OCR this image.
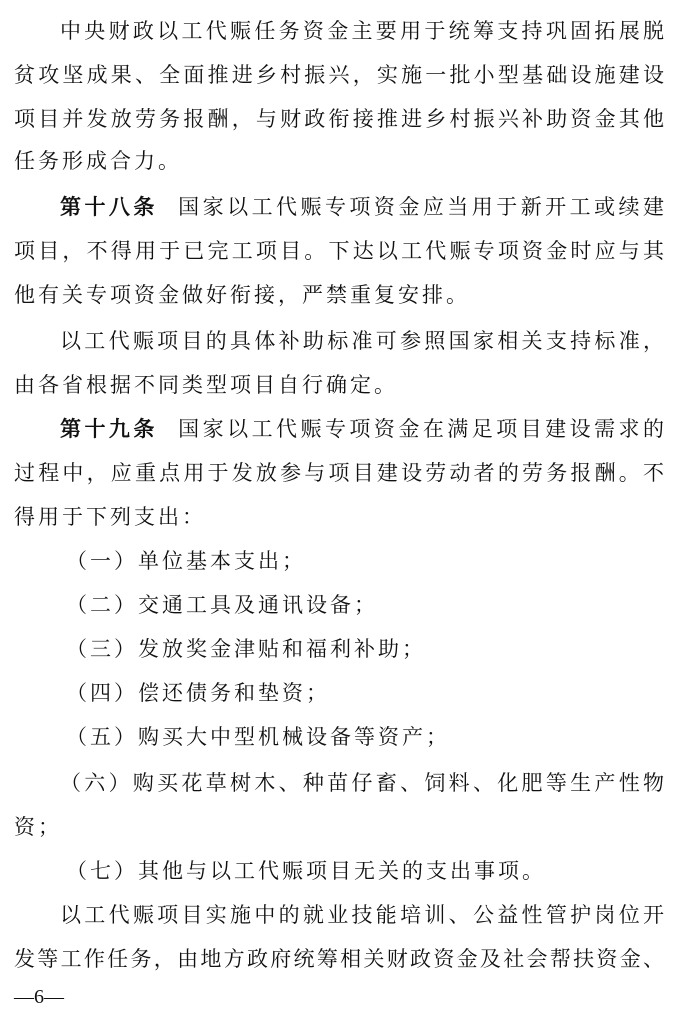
中央财政以工代赈任务资金主要用于统筹支持巩固拓展脱
贫攻坚成果、全面推进乡村振兴，实施一批小型基础设施建设
项目并发放劳务报酬，与财政衔接推进乡村振兴补助资金其他
任务形成合力。
第十八条 国家以工代赈专项资金应当用于新开工或续建
项目，不得用于已完工项目。下达以工代赈专项资金时应与其
他有关专项资金做好衔接，严禁重复安排。
以工代赈项目的具体补助标准可参照国家相关支持标准，
由各省根据不同类型项目自行确定。
第十九条 国家以工代赈专项资金在满足项目建设需求的
过程中，应重点用于发放参与项目建设劳动者的劳务报酬。不
得用于下列支出：
（一）单位基本支出；
（二）交通工具及通讯设备；
（三）发放奖金津贴和福利补助；
（四）偿还债务和垫资；
（五）购买大中型机械设备等资产；
（六）购买花草树木、种苗仔畜、饲料、化肥等生产性物
资；
（七）其他与以工代赈项目无关的支出事项。
以工代赈项目实施中的就业技能培训、公益性管护岗位开
发等工作任务，由地方政府统筹相关财政资金及社会帮扶资金、
—6—
